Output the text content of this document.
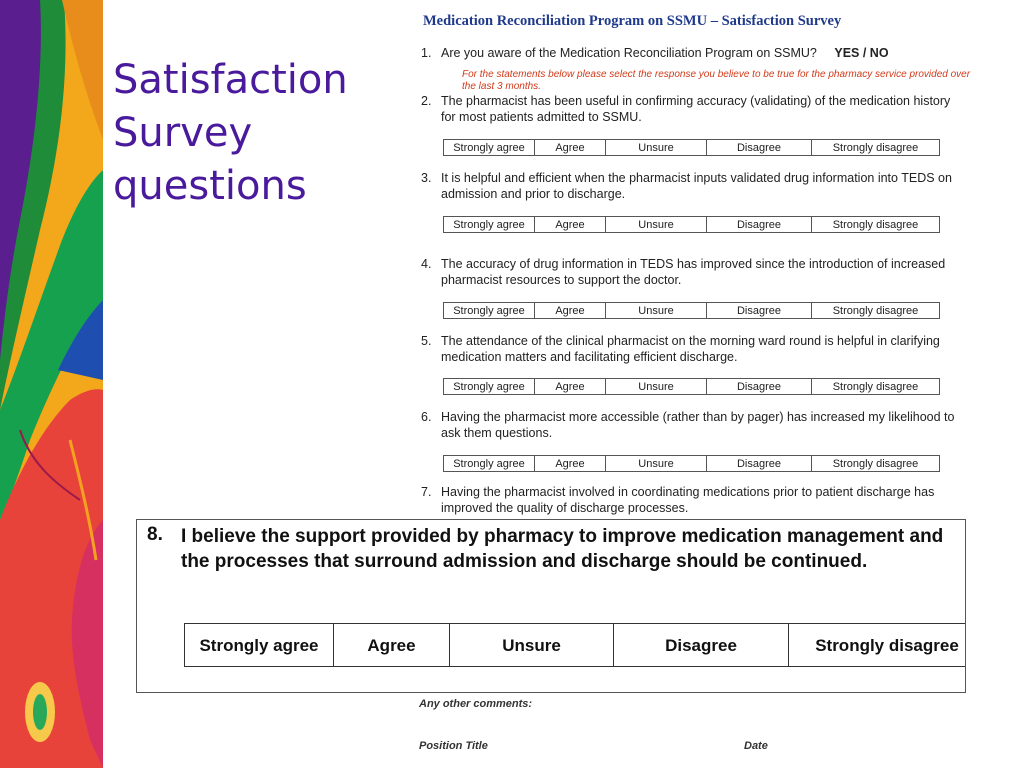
Satisfaction
Survey
questions
Medication Reconciliation Program on SSMU – Satisfaction Survey
1. Are you aware of the Medication Reconciliation Program on SSMU? YES / NO
For the statements below please select the response you believe to be true for the pharmacy service provided over the last 3 months.
2. The pharmacist has been useful in confirming accuracy (validating) of the medication history for most patients admitted to SSMU.
Strongly agree	Agree	Unsure	Disagree	Strongly disagree
3. It is helpful and efficient when the pharmacist inputs validated drug information into TEDS on admission and prior to discharge.
Strongly agree	Agree	Unsure	Disagree	Strongly disagree
4. The accuracy of drug information in TEDS has improved since the introduction of increased pharmacist resources to support the doctor.
Strongly agree	Agree	Unsure	Disagree	Strongly disagree
5. The attendance of the clinical pharmacist on the morning ward round is helpful in clarifying medication matters and facilitating efficient discharge.
Strongly agree	Agree	Unsure	Disagree	Strongly disagree
6. Having the pharmacist more accessible (rather than by pager) has increased my likelihood to ask them questions.
Strongly agree	Agree	Unsure	Disagree	Strongly disagree
7. Having the pharmacist involved in coordinating medications prior to patient discharge has improved the quality of discharge processes.
Any other comments:
Position Title	Date
8. I believe the support provided by pharmacy to improve medication management and the processes that surround admission and discharge should be continued.
Strongly agree	Agree	Unsure	Disagree	Strongly disagree
